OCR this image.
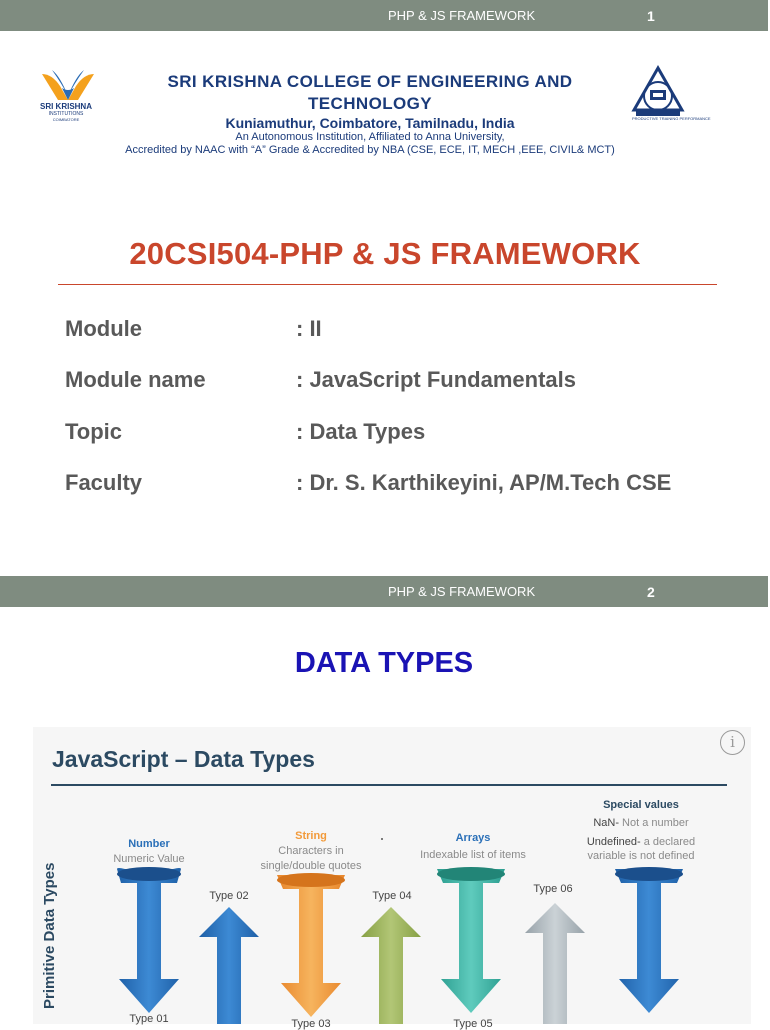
PHP & JS FRAMEWORK	1
SRI KRISHNA
INSTITUTIONS
COIMBATORE
SRI KRISHNA COLLEGE OF ENGINEERING AND
TECHNOLOGY
Kuniamuthur, Coimbatore, Tamilnadu, India
An Autonomous Institution, Affiliated to Anna University,
Accredited by NAAC with “A” Grade & Accredited by NBA (CSE, ECE, IT, MECH ,EEE, CIVIL& MCT)
PRODUCTIVE TRAINING PERFORMANCE
20CSI504-PHP & JS FRAMEWORK
Module	: II
Module name	: JavaScript Fundamentals
Topic	: Data Types
Faculty	: Dr. S. Karthikeyini, AP/M.Tech CSE
PHP & JS FRAMEWORK	2
DATA TYPES
JavaScript – Data Types
i
Primitive Data Types
Number
Numeric Value
String
Characters in
single/double quotes
Arrays
Indexable list of items
Special values
NaN- Not a number
Undefined- a declared
variable is not defined
Type 02	Type 04
Type 06
Type 01	Type 03	Type 05
